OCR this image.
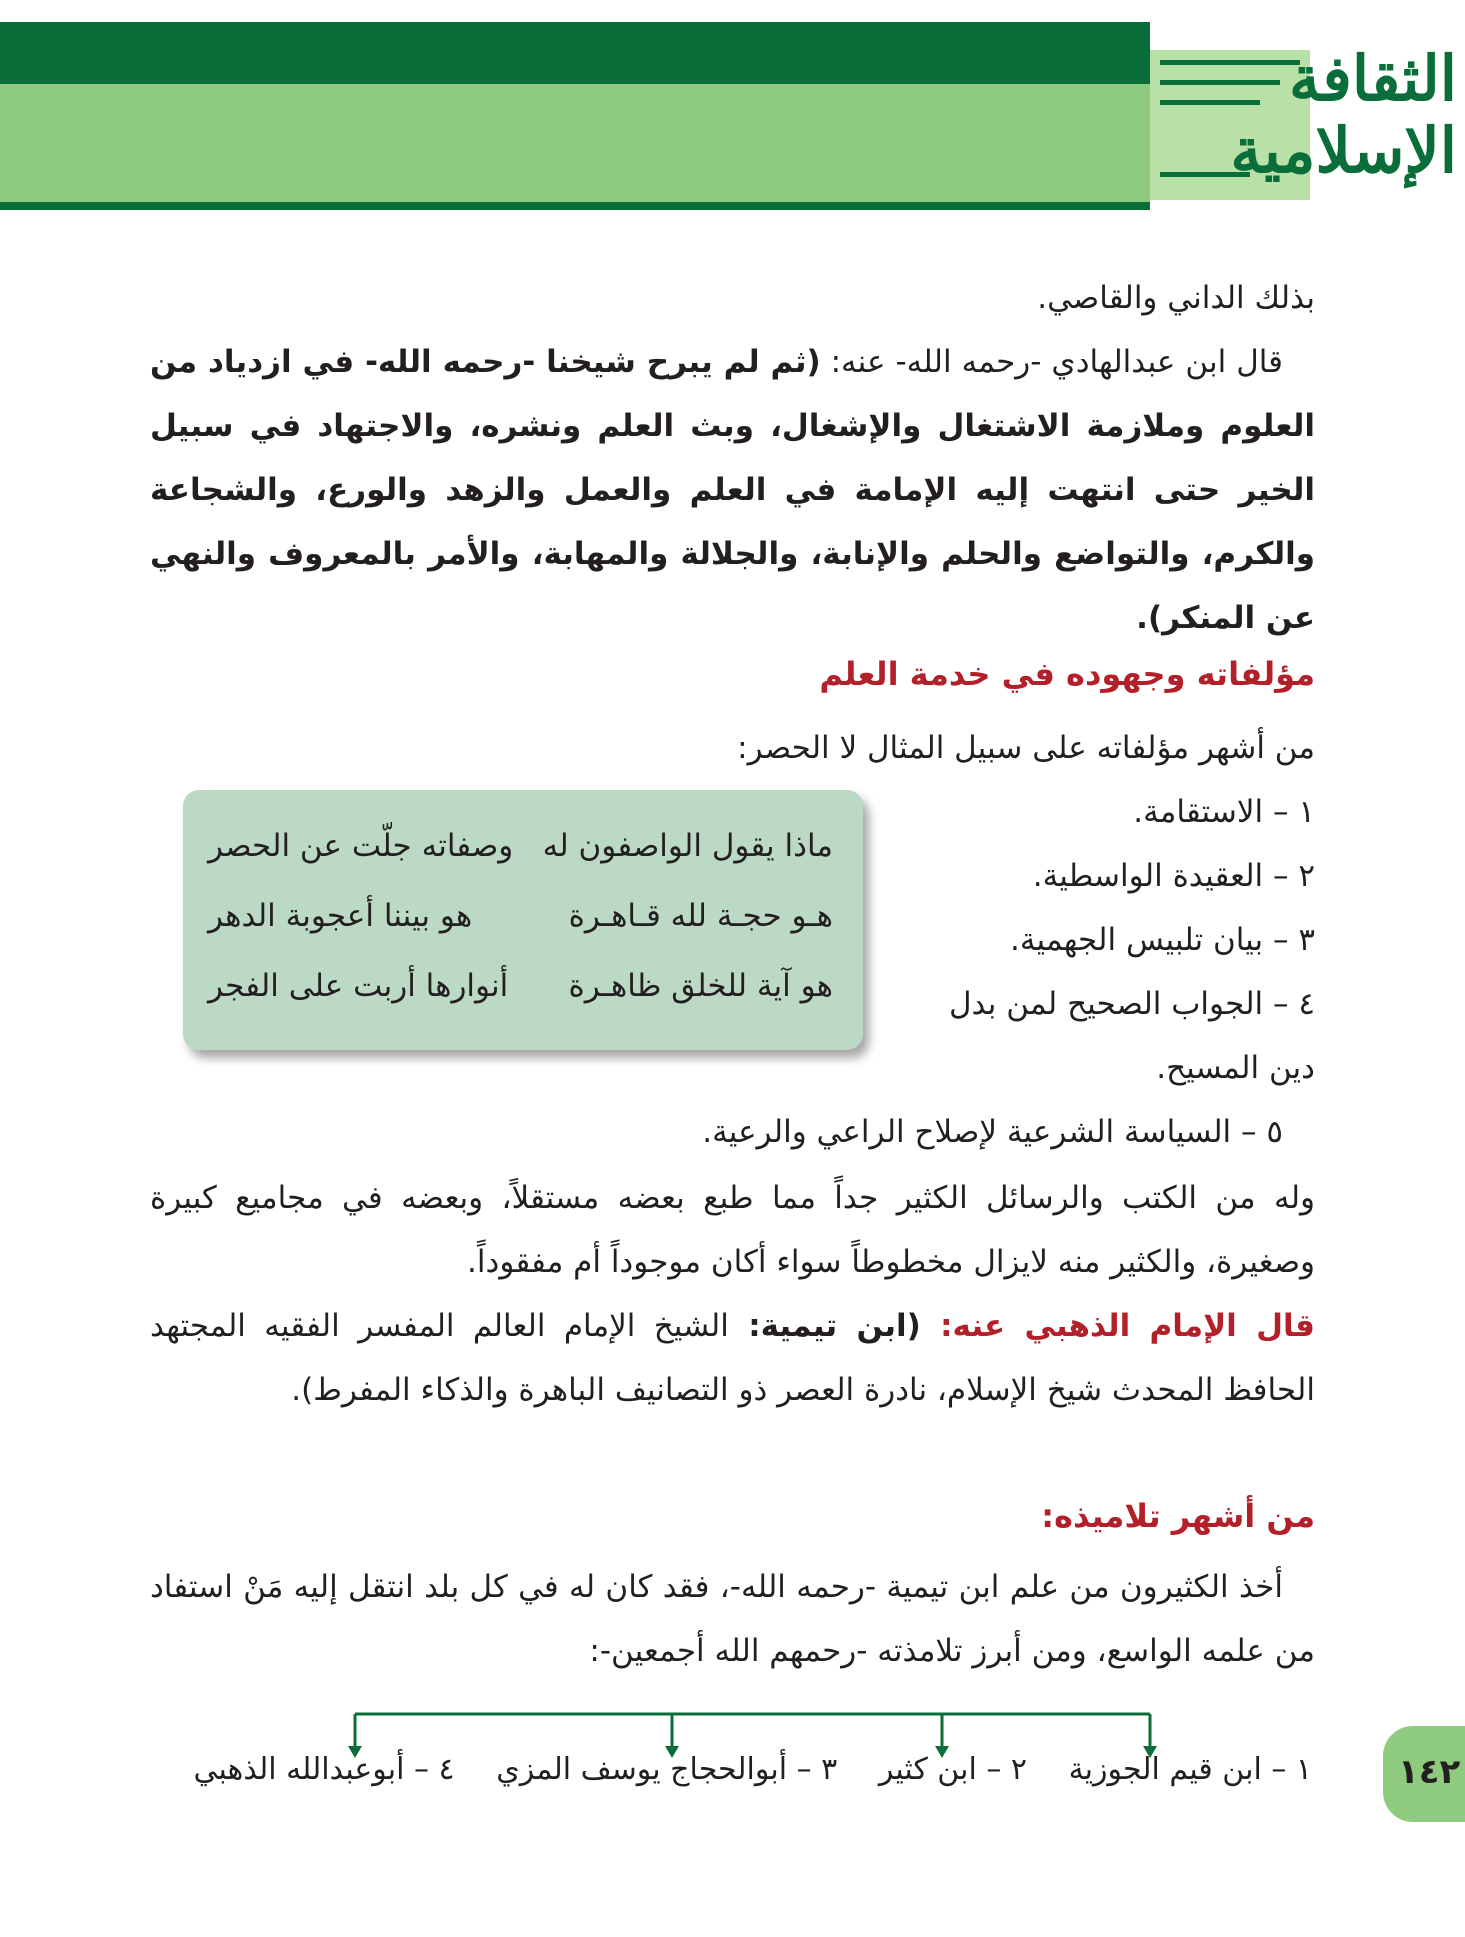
الثقافة
الإسلامية

بذلك الداني والقاصي.

قال ابن عبدالهادي -رحمه الله- عنه: (ثم لم يبرح شيخنا -رحمه الله- في ازدياد من العلوم وملازمة الاشتغال والإشغال، وبث العلم ونشره، والاجتهاد في سبيل الخير حتى انتهت إليه الإمامة في العلم والعمل والزهد والورع، والشجاعة والكرم، والتواضع والحلم والإنابة، والجلالة والمهابة، والأمر بالمعروف والنهي عن المنكر).

مؤلفاته وجهوده في خدمة العلم
من أشهر مؤلفاته على سبيل المثال لا الحصر:
١ – الاستقامة.
٢ – العقيدة الواسطية.
٣ – بيان تلبيس الجهمية.
٤ – الجواب الصحيح لمن بدل
دين المسيح.
٥ – السياسة الشرعية لإصلاح الراعي والرعية.
ماذا يقول الواصفون له
وصفاته جلّت عن الحصر
هـو حجـة لله قـاهـرة
هو بيننا أعجوبة الدهر
هو آية للخلق ظاهـرة
أنوارها أربت على الفجر

وله من الكتب والرسائل الكثير جداً مما طبع بعضه مستقلاً، وبعضه في مجاميع كبيرة وصغيرة، والكثير منه لايزال مخطوطاً سواء أكان موجوداً أم مفقوداً.

قال الإمام الذهبي عنه: (ابن تيمية: الشيخ الإمام العالم المفسر الفقيه المجتهد الحافظ المحدث شيخ الإسلام، نادرة العصر ذو التصانيف الباهرة والذكاء المفرط).

من أشهر تلاميذه:

أخذ الكثيرون من علم ابن تيمية -رحمه الله-، فقد كان له في كل بلد انتقل إليه مَنْ استفاد من علمه الواسع، ومن أبرز تلامذته -رحمهم الله أجمعين-:

١ – ابن قيم الجوزية ٢ – ابن كثير ٣ – أبوالحجاج يوسف المزي ٤ – أبوعبدالله الذهبي	١٤٢
